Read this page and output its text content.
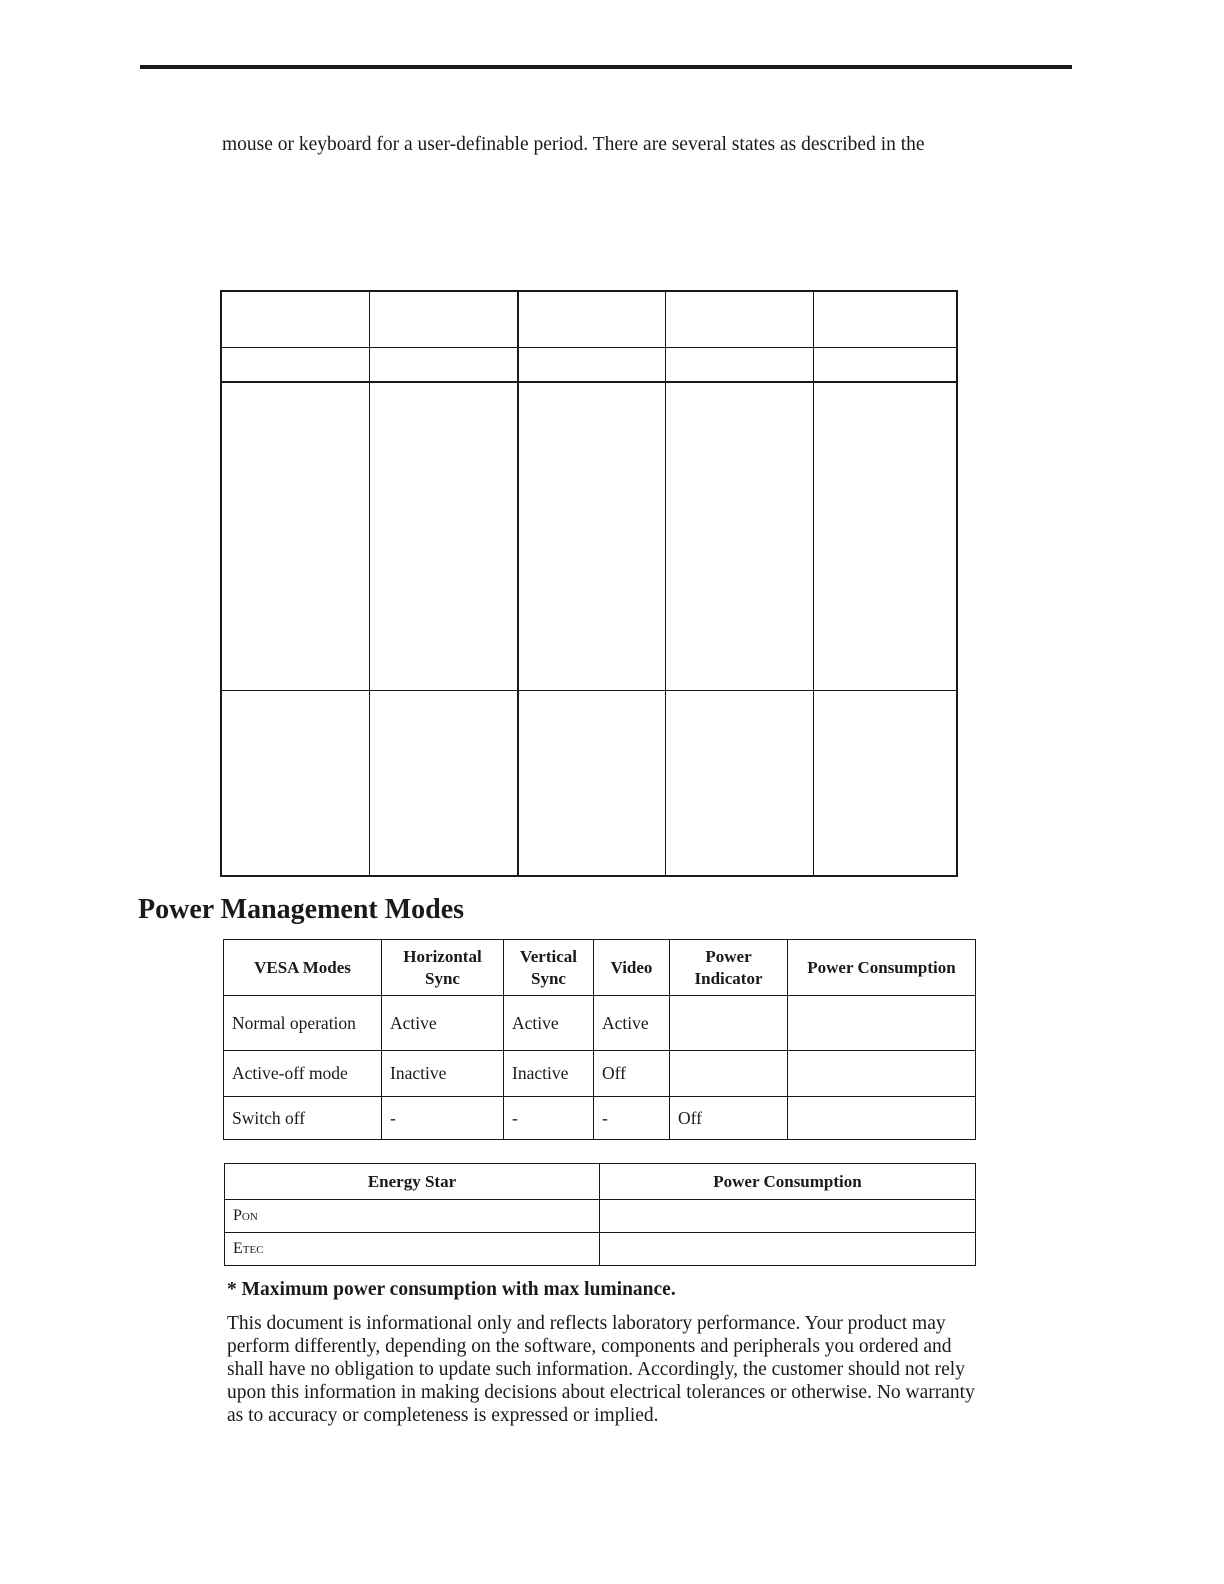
mouse or keyboard for a user-definable period. There are several states as described in the

Power Management Modes
VESA Modes	Horizontal Sync	Vertical Sync	Video	Power Indicator	Power Consumption
Normal operation	Active	Active	Active		
Active-off mode	Inactive	Inactive	Off		
Switch off	-	-	-	Off	
Energy Star	Power Consumption
Pon	
Etec	
* Maximum power consumption with max luminance.

This document is informational only and reflects laboratory performance. Your product may perform differently, depending on the software, components and peripherals you ordered and shall have no obligation to update such information. Accordingly, the customer should not rely upon this information in making decisions about electrical tolerances or otherwise. No warranty as to accuracy or completeness is expressed or implied.
